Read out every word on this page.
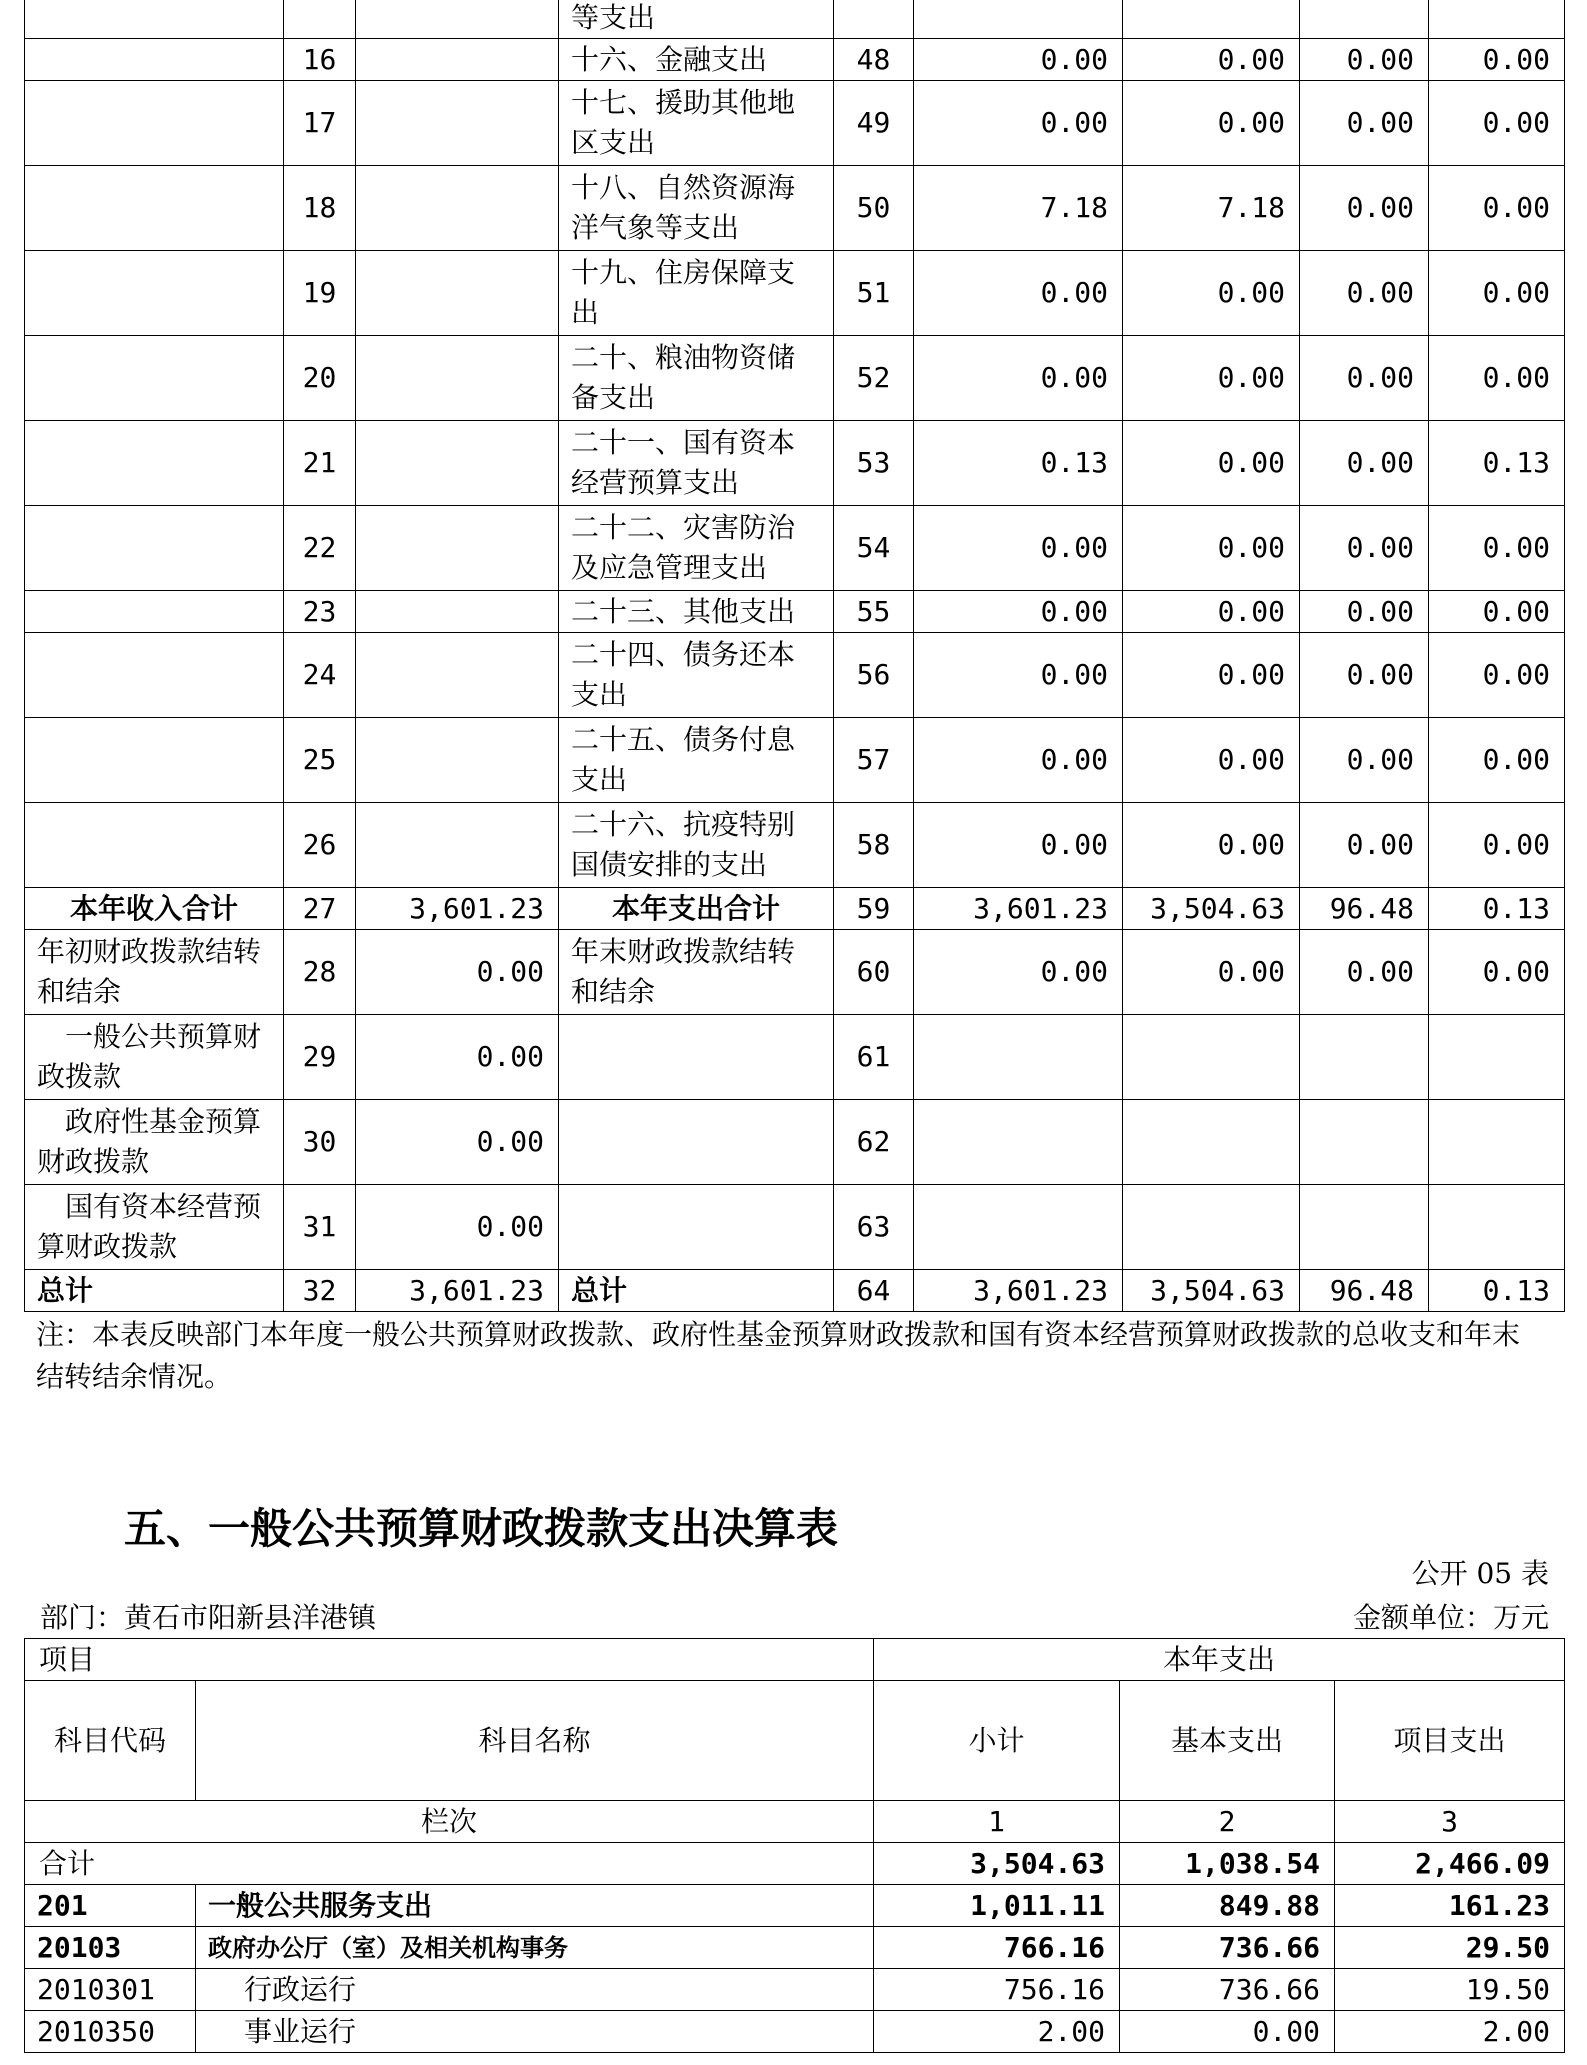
			等支出					
	16		十六、金融支出	48	0.00	0.00	0.00	0.00
	17		十七、援助其他地区支出	49	0.00	0.00	0.00	0.00
	18		十八、自然资源海洋气象等支出	50	7.18	7.18	0.00	0.00
	19		十九、住房保障支出	51	0.00	0.00	0.00	0.00
	20		二十、粮油物资储备支出	52	0.00	0.00	0.00	0.00
	21		二十一、国有资本经营预算支出	53	0.13	0.00	0.00	0.13
	22		二十二、灾害防治及应急管理支出	54	0.00	0.00	0.00	0.00
	23		二十三、其他支出	55	0.00	0.00	0.00	0.00
	24		二十四、债务还本支出	56	0.00	0.00	0.00	0.00
	25		二十五、债务付息支出	57	0.00	0.00	0.00	0.00
	26		二十六、抗疫特别国债安排的支出	58	0.00	0.00	0.00	0.00
本年收入合计	27	3,601.23	本年支出合计	59	3,601.23	3,504.63	96.48	0.13
年初财政拨款结转和结余	28	0.00	年末财政拨款结转和结余	60	0.00	0.00	0.00	0.00
一般公共预算财政拨款	29	0.00		61				
政府性基金预算财政拨款	30	0.00		62				
国有资本经营预算财政拨款	31	0.00		63				
总计	32	3,601.23	总计	64	3,601.23	3,504.63	96.48	0.13
注：本表反映部门本年度一般公共预算财政拨款、政府性基金预算财政拨款和国有资本经营预算财政拨款的总收支和年末结转结余情况。
五、一般公共预算财政拨款支出决算表
公开 05 表
部门：黄石市阳新县洋港镇	金额单位：万元
项目		本年支出		
科目代码	科目名称	小计	基本支出	项目支出
栏次		1	2	3
合计		3,504.63	1,038.54	2,466.09
201	一般公共服务支出	1,011.11	849.88	161.23
20103	政府办公厅（室）及相关机构事务	766.16	736.66	29.50
2010301	行政运行	756.16	736.66	19.50
2010350	事业运行	2.00	0.00	2.00
